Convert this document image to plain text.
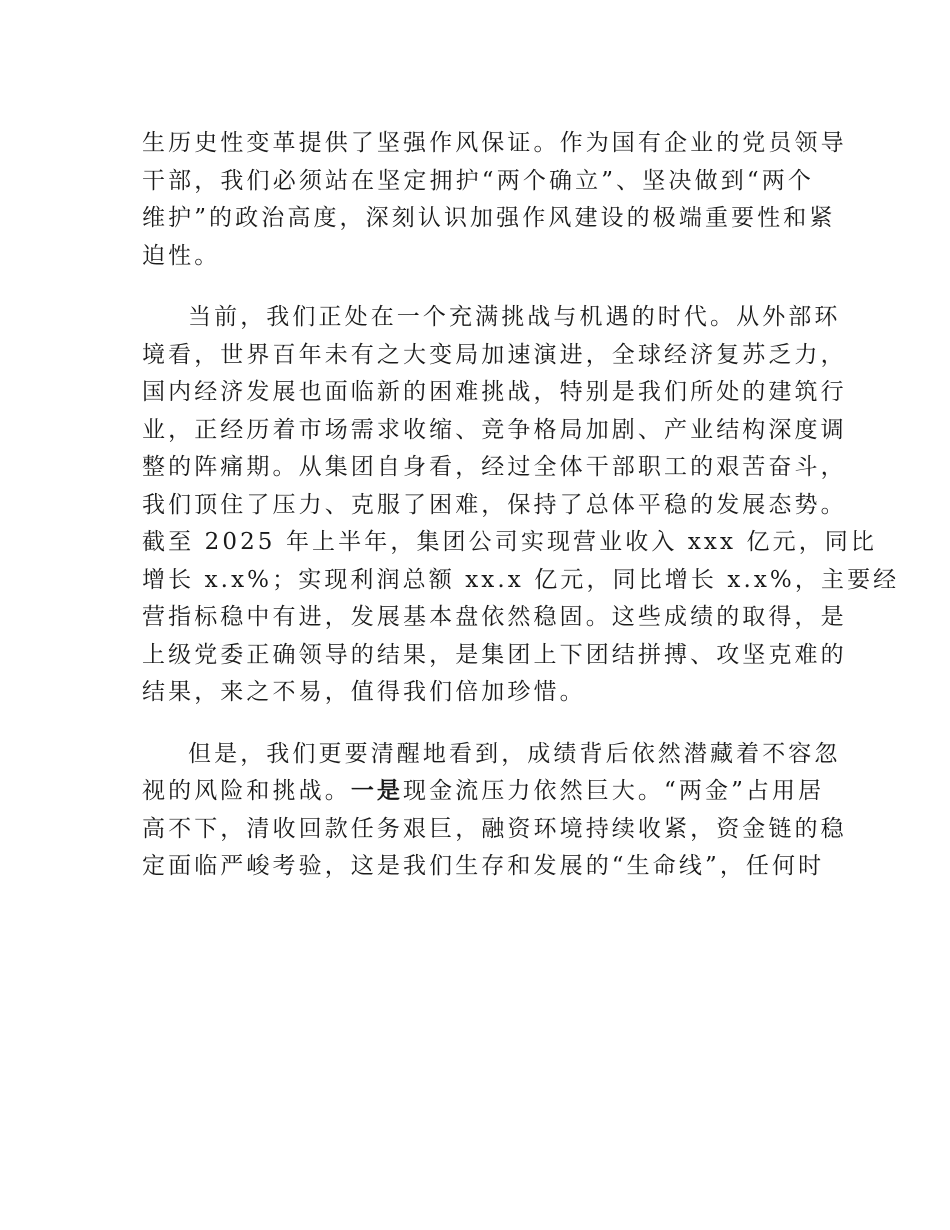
生历史性变革提供了坚强作风保证。作为国有企业的党员领导
干部，我们必须站在坚定拥护“两个确立”、坚决做到“两个
维护”的政治高度，深刻认识加强作风建设的极端重要性和紧
迫性。
当前，我们正处在一个充满挑战与机遇的时代。从外部环
境看，世界百年未有之大变局加速演进，全球经济复苏乏力，
国内经济发展也面临新的困难挑战，特别是我们所处的建筑行
业，正经历着市场需求收缩、竞争格局加剧、产业结构深度调
整的阵痛期。从集团自身看，经过全体干部职工的艰苦奋斗，
我们顶住了压力、克服了困难，保持了总体平稳的发展态势。
截至 2025 年上半年，集团公司实现营业收入 xxx 亿元，同比
增长 x.x%；实现利润总额 xx.x 亿元，同比增长 x.x%，主要经
营指标稳中有进，发展基本盘依然稳固。这些成绩的取得，是
上级党委正确领导的结果，是集团上下团结拼搏、攻坚克难的
结果，来之不易，值得我们倍加珍惜。
但是，我们更要清醒地看到，成绩背后依然潜藏着不容忽
视的风险和挑战。一是现金流压力依然巨大。“两金”占用居
高不下，清收回款任务艰巨，融资环境持续收紧，资金链的稳
定面临严峻考验，这是我们生存和发展的“生命线”，任何时
